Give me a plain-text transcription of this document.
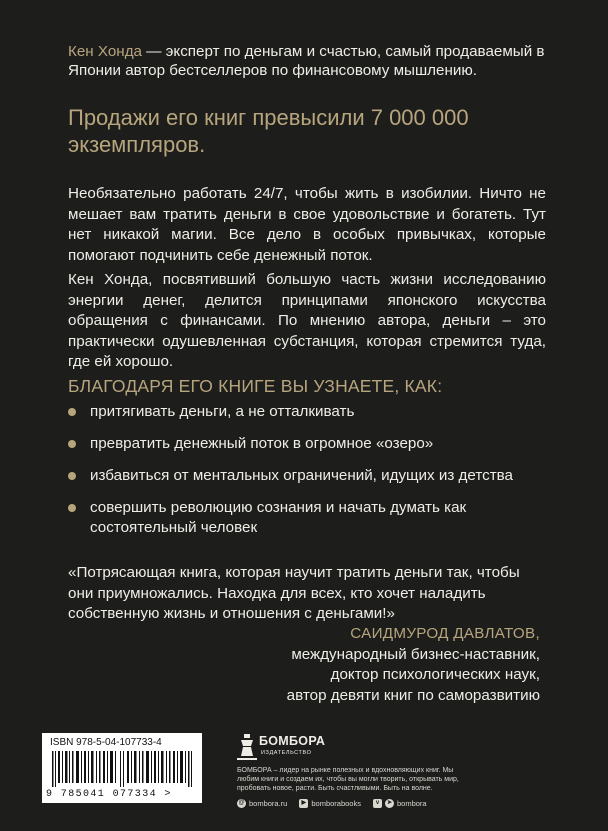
Кен Хонда — эксперт по деньгам и счастью, самый продаваемый в Японии автор бестселлеров по финансовому мышлению.
Продажи его книг превысили 7 000 000 экземпляров.
Необязательно работать 24/7, чтобы жить в изобилии. Ничто не мешает вам тратить деньги в свое удовольствие и богатеть. Тут нет никакой магии. Все дело в особых привычках, которые помогают подчинить себе денежный поток.
Кен Хонда, посвятивший большую часть жизни исследованию энергии денег, делится принципами японского искусства обращения с финансами. По мнению автора, деньги – это практически одушевленная субстанция, которая стремится туда, где ей хорошо.
БЛАГОДАРЯ ЕГО КНИГЕ ВЫ УЗНАЕТЕ, КАК:
притягивать деньги, а не отталкивать
превратить денежный поток в огромное «озеро»
избавиться от ментальных ограничений, идущих из детства
совершить революцию сознания и начать думать как состоятельный человек
«Потрясающая книга, которая научит тратить деньги так, чтобы они приумножались. Находка для всех, кто хочет наладить собственную жизнь и отношения с деньгами!»
САИДМУРОД ДАВЛАТОВ,
международный бизнес-наставник,
доктор психологических наук,
автор девяти книг по саморазвитию
ISBN 978-5-04-107733-4
9 785041 077334 >
БОМБОРА
ИЗДАТЕЛЬСТВО
БОМБОРА – лидер на рынке полезных и вдохновляющих книг. Мы любим книги и создаем их, чтобы вы могли творить, открывать мир, пробовать новое, расти. Быть счастливыми. Быть на волне.
@ bombora.ru	▶ bomborabooks	v	➤ bombora
